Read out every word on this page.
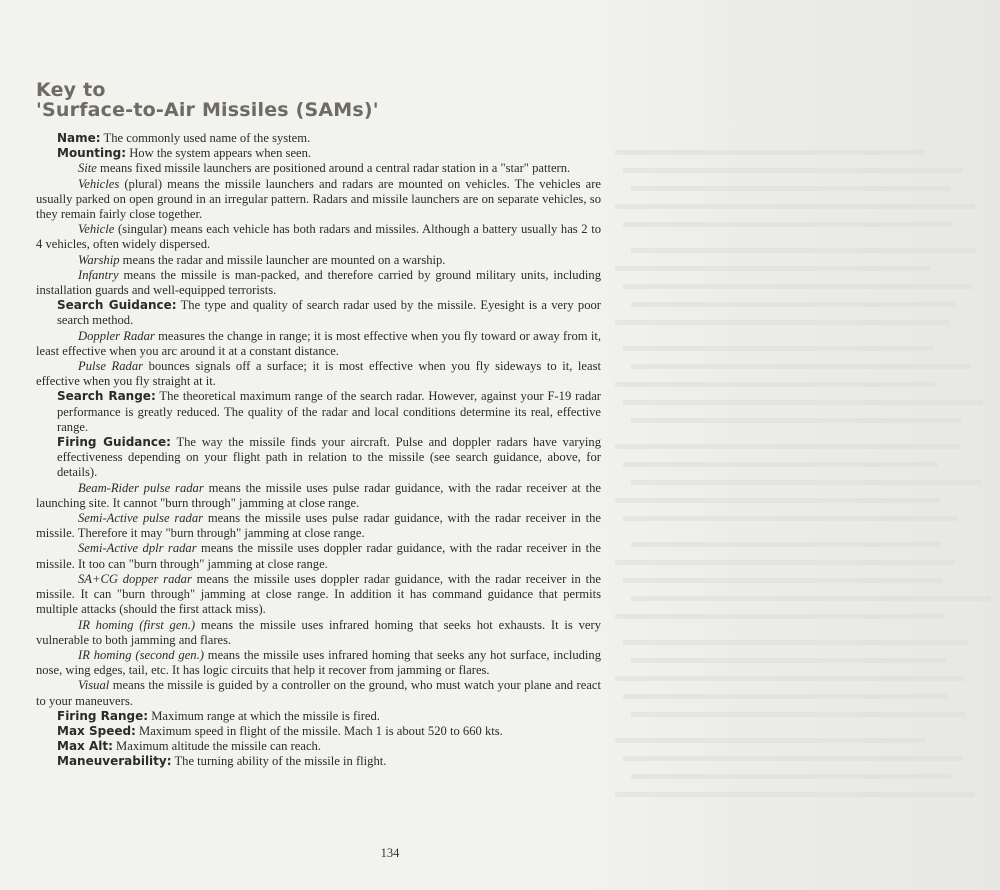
Key to
'Surface-to-Air Missiles (SAMs)'

Name: The commonly used name of the system.

Mounting: How the system appears when seen.

Site means fixed missile launchers are positioned around a central radar station in a "star" pattern.

Vehicles (plural) means the missile launchers and radars are mounted on vehicles. The vehicles are usually parked on open ground in an irregular pattern. Radars and missile launchers are on separate vehicles, so they remain fairly close together.

Vehicle (singular) means each vehicle has both radars and missiles. Although a battery usually has 2 to 4 vehicles, often widely dispersed.

Warship means the radar and missile launcher are mounted on a warship.

Infantry means the missile is man-packed, and therefore carried by ground military units, including installation guards and well-equipped terrorists.

Search Guidance: The type and quality of search radar used by the missile. Eyesight is a very poor search method.

Doppler Radar measures the change in range; it is most effective when you fly toward or away from it, least effective when you arc around it at a constant distance.

Pulse Radar bounces signals off a surface; it is most effective when you fly sideways to it, least effective when you fly straight at it.

Search Range: The theoretical maximum range of the search radar. However, against your F-19 radar performance is greatly reduced. The quality of the radar and local conditions determine its real, effective range.

Firing Guidance: The way the missile finds your aircraft. Pulse and doppler radars have varying effectiveness depending on your flight path in relation to the missile (see search guidance, above, for details).

Beam-Rider pulse radar means the missile uses pulse radar guidance, with the radar receiver at the launching site. It cannot "burn through" jamming at close range.

Semi-Active pulse radar means the missile uses pulse radar guidance, with the radar receiver in the missile. Therefore it may "burn through" jamming at close range.

Semi-Active dplr radar means the missile uses doppler radar guidance, with the radar receiver in the missile. It too can "burn through" jamming at close range.

SA+CG dopper radar means the missile uses doppler radar guidance, with the radar receiver in the missile. It can "burn through" jamming at close range. In addition it has command guidance that permits multiple attacks (should the first attack miss).

IR homing (first gen.) means the missile uses infrared homing that seeks hot exhausts. It is very vulnerable to both jamming and flares.

IR homing (second gen.) means the missile uses infrared homing that seeks any hot surface, including nose, wing edges, tail, etc. It has logic circuits that help it recover from jamming or flares.

Visual means the missile is guided by a controller on the ground, who must watch your plane and react to your maneuvers.

Firing Range: Maximum range at which the missile is fired.

Max Speed: Maximum speed in flight of the missile. Mach 1 is about 520 to 660 kts.

Max Alt: Maximum altitude the missile can reach.

Maneuverability: The turning ability of the missile in flight.

134
